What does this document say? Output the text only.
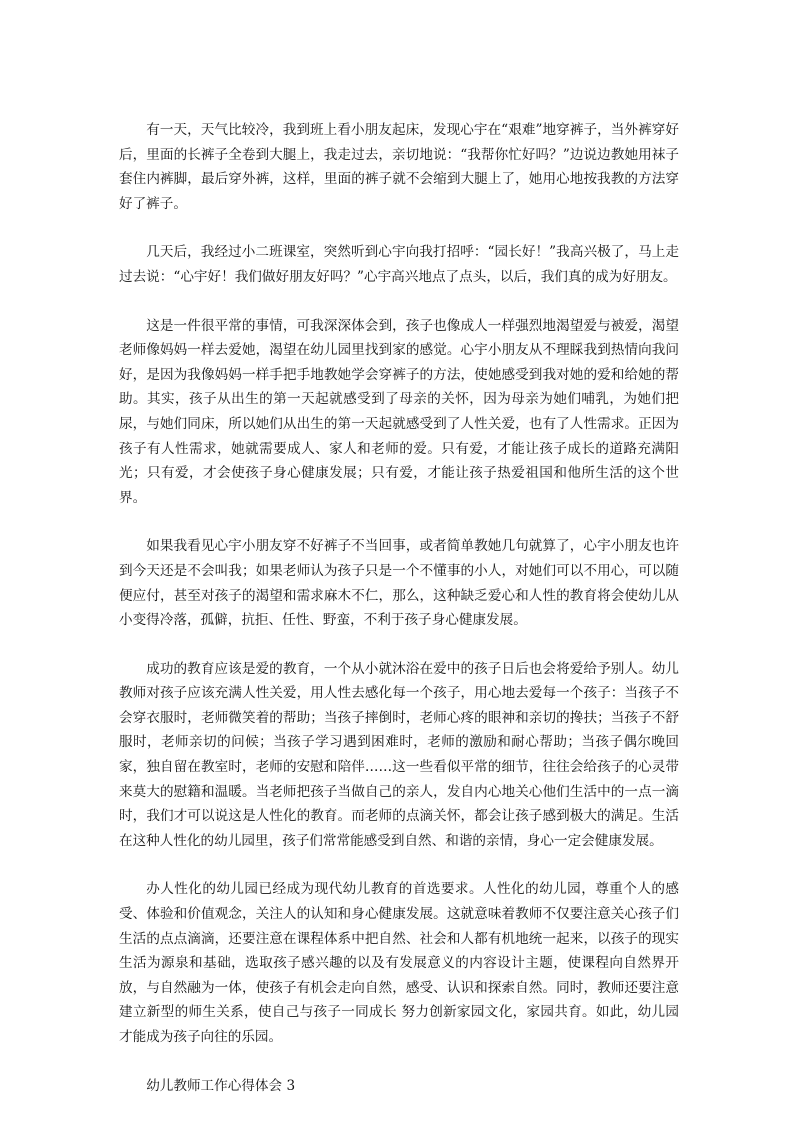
有一天，天气比较冷，我到班上看小朋友起床，发现心宇在“艰难”地穿裤子，当外裤穿好后，里面的长裤子全卷到大腿上，我走过去，亲切地说：“我帮你忙好吗？”边说边教她用袜子套住内裤脚，最后穿外裤，这样，里面的裤子就不会缩到大腿上了，她用心地按我教的方法穿好了裤子。

几天后，我经过小二班课室，突然听到心宇向我打招呼：“园长好！”我高兴极了，马上走过去说：“心宇好！我们做好朋友好吗？”心宇高兴地点了点头，以后，我们真的成为好朋友。

这是一件很平常的事情，可我深深体会到，孩子也像成人一样强烈地渴望爱与被爱，渴望老师像妈妈一样去爱她，渴望在幼儿园里找到家的感觉。心宇小朋友从不理睬我到热情向我问好，是因为我像妈妈一样手把手地教她学会穿裤子的方法，使她感受到我对她的爱和给她的帮助。其实，孩子从出生的第一天起就感受到了母亲的关怀，因为母亲为她们哺乳，为她们把尿，与她们同床，所以她们从出生的第一天起就感受到了人性关爱，也有了人性需求。正因为孩子有人性需求，她就需要成人、家人和老师的爱。只有爱，才能让孩子成长的道路充满阳光；只有爱，才会使孩子身心健康发展；只有爱，才能让孩子热爱祖国和他所生活的这个世界。

如果我看见心宇小朋友穿不好裤子不当回事，或者简单教她几句就算了，心宇小朋友也许到今天还是不会叫我；如果老师认为孩子只是一个不懂事的小人，对她们可以不用心，可以随便应付，甚至对孩子的渴望和需求麻木不仁，那么，这种缺乏爱心和人性的教育将会使幼儿从小变得冷落，孤僻，抗拒、任性、野蛮，不利于孩子身心健康发展。

成功的教育应该是爱的教育，一个从小就沐浴在爱中的孩子日后也会将爱给予别人。幼儿教师对孩子应该充满人性关爱，用人性去感化每一个孩子，用心地去爱每一个孩子：当孩子不会穿衣服时，老师微笑着的帮助；当孩子摔倒时，老师心疼的眼神和亲切的搀扶；当孩子不舒服时，老师亲切的问候；当孩子学习遇到困难时，老师的激励和耐心帮助；当孩子偶尔晚回家，独自留在教室时，老师的安慰和陪伴……这一些看似平常的细节，往往会给孩子的心灵带来莫大的慰籍和温暖。当老师把孩子当做自己的亲人，发自内心地关心他们生活中的一点一滴时，我们才可以说这是人性化的教育。而老师的点滴关怀，都会让孩子感到极大的满足。生活在这种人性化的幼儿园里，孩子们常常能感受到自然、和谐的亲情，身心一定会健康发展。

办人性化的幼儿园已经成为现代幼儿教育的首选要求。人性化的幼儿园，尊重个人的感受、体验和价值观念，关注人的认知和身心健康发展。这就意味着教师不仅要注意关心孩子们生活的点点滴滴，还要注意在课程体系中把自然、社会和人都有机地统一起来，以孩子的现实生活为源泉和基础，选取孩子感兴趣的以及有发展意义的内容设计主题，使课程向自然界开放，与自然融为一体，使孩子有机会走向自然，感受、认识和探索自然。同时，教师还要注意建立新型的师生关系，使自己与孩子一同成长 努力创新家园文化，家园共育。如此，幼儿园才能成为孩子向往的乐园。

幼儿教师工作心得体会 3
